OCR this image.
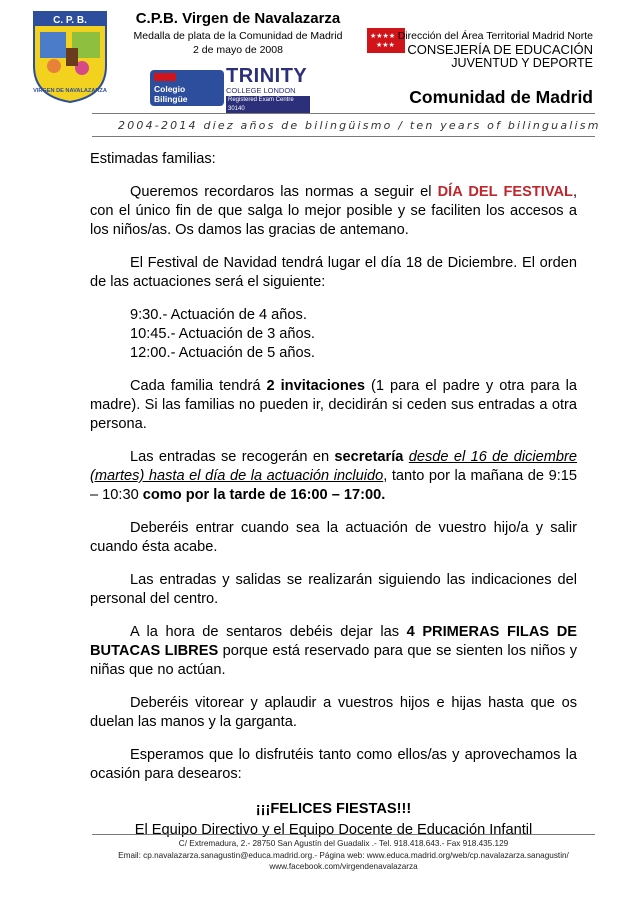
C. P. B.
VIRGEN DE NAVALAZARZA
C.P.B. Virgen de Navalazarza
Medalla de plata de la Comunidad de Madrid
2 de mayo de 2008
Colegio Bilingüe
TRINITY
COLLEGE LONDON
Registered Exam Centre 30140
★★★★
★★★
Dirección del Área Territorial Madrid Norte
CONSEJERÍA DE EDUCACIÓN
JUVENTUD Y DEPORTE
Comunidad de Madrid
2004-2014 diez años de bilingüismo / ten years of bilingualism

Estimadas familias:

Queremos recordaros las normas a seguir el DÍA DEL FESTIVAL, con el único fin de que salga lo mejor posible y se faciliten los accesos a los niños/as. Os damos las gracias de antemano.

El Festival de Navidad tendrá lugar el día 18 de Diciembre. El orden de las actuaciones será el siguiente:

9:30.- Actuación de 4 años.
10:45.- Actuación de 3 años.
12:00.- Actuación de 5 años.

Cada familia tendrá 2 invitaciones (1 para el padre y otra para la madre). Si las familias no pueden ir, decidirán si ceden sus entradas a otra persona.

Las entradas se recogerán en secretaría desde el 16 de diciembre (martes) hasta el día de la actuación incluido, tanto por la mañana de 9:15 – 10:30 como por la tarde de 16:00 – 17:00.

Deberéis entrar cuando sea la actuación de vuestro hijo/a y salir cuando ésta acabe.

Las entradas y salidas se realizarán siguiendo las indicaciones del personal del centro.

A la hora de sentaros debéis dejar las 4 PRIMERAS FILAS DE BUTACAS LIBRES porque está reservado para que se sienten los niños y niñas que no actúan.

Deberéis vitorear y aplaudir a vuestros hijos e hijas hasta que os duelan las manos y la garganta.

Esperamos que lo disfrutéis tanto como ellos/as y aprovechamos la ocasión para desearos:

¡¡¡FELICES FIESTAS!!!

El Equipo Directivo y el Equipo Docente de Educación Infantil

C/ Extremadura, 2.- 28750 San Agustín del Guadalix .- Tel. 918.418.643.- Fax 918.435.129
Email: cp.navalazarza.sanagustin@educa.madrid.org.- Página web: www.educa.madrid.org/web/cp.navalazarza.sanagustin/
www.facebook.com/virgendenavalazarza
